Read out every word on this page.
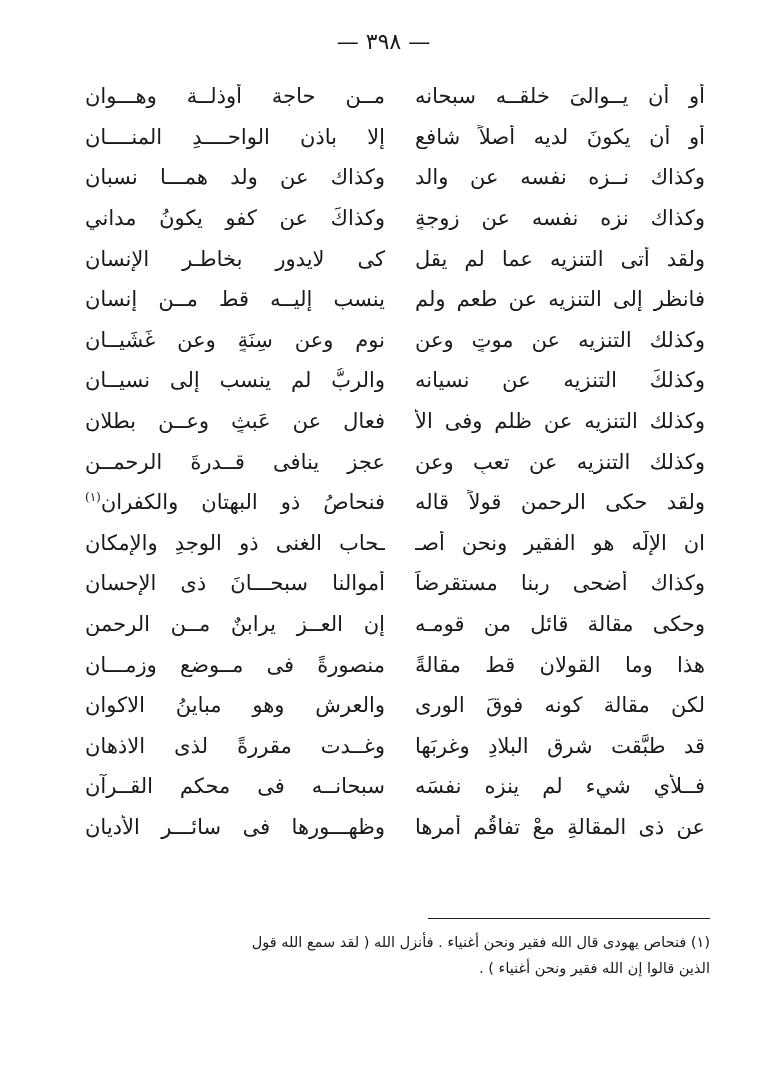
— ٣٩٨ —
أو أن يــوالىَ خلقــه سبحانه
مــن حاجة أوذلــة وهـــوان
أو أن يكونَ لديه أصلاً شافع
إلا باذن الواحــــدِ المنــــان
وكذاك نــزه نفسه عن والد
وكذاك عن ولد همـــا نسبان
وكذاك نزه نفسه عن زوجةٍ
وكذاكَ عن كفوٍ يكونُ مداني
ولقد أتى التنزيه عما لم يقل
كى لايدور بخاطـر الإنسان
فانظر إلى التنزيه عن طعم ولم
ينسب إليــه قط مــن إنسان
وكذلك التنزيه عن موتٍ وعن
نومٍ وعن سِنَةٍ وعن غَشَيــان
وكذلكَ التنزيه عن نسيانه
والربُّ لم ينسب إلى نسيــان
وكذلك التنزيه عن ظلمٍ وفى الأ
فعال عن عَبثٍ وعــن بطلان
وكذلك التنزيه عن تعبٍ وعن
عجز ينافى قــدرةَ الرحمــن
ولقد حكى الرحمن قولاً قاله
فنحاصُ ذو البهتان والكفران$^{(١)}$
ان الإلّه هو الفقير ونحن أصـ
ـحاب الغنى ذو الوجدِ والإمكان
وكذاك أضحى ربنا مستقرضاً
أموالنا سبحـــانَ ذى الإحسان
وحكى مقالة قائل من قومـه
إن العــز يرابنٌ مــن الرحمن
هذا وما القولان قط مقالةً
منصورةً فى مــوضع وزمـــان
لكن مقالة كونه فوقَ الورى
والعرشِ وهو مباينُ الاكوان
قد طبَّقت شرق البلادِ وغربَها
وغــدت مقررةً لذى الاذهان
فــلأي شيء لم ينزه نفسَه
سبحانــه فى محكم القــرآن
عن ذى المقالةِ معْ تفاقُمِ أمرها
وظهـــورها فى سائـــر الأديان
(١) فنحاص يهودى قال الله فقير ونحن أغنياء . فأنزل الله ( لقد سمع الله قول
الذين قالوا إن الله فقير ونحن أغنياء ) .
